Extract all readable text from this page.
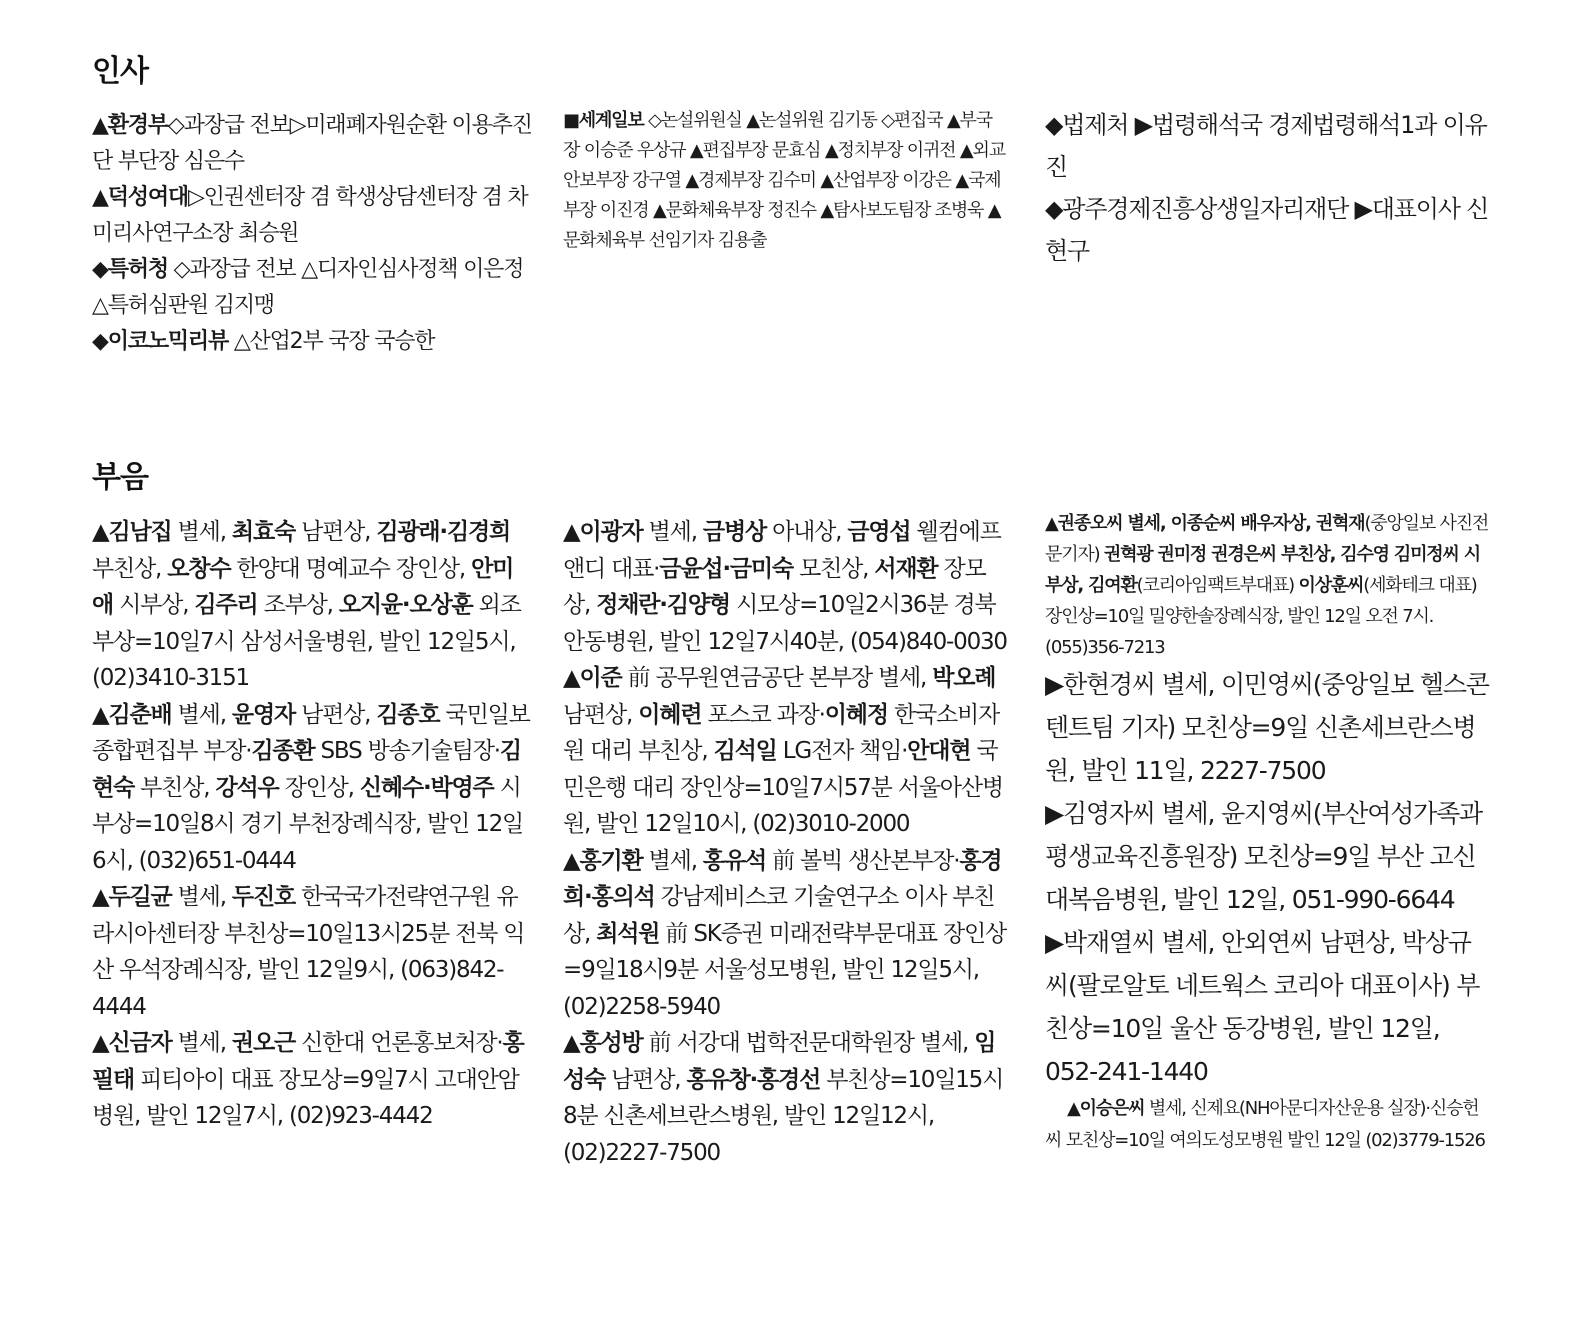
인사

▲환경부◇과장급 전보▷미래폐자원순환 이용추진단 부단장 심은수

▲덕성여대▷인권센터장 겸 학생상담센터장 겸 차미리사연구소장 최승원

◆특허청 ◇과장급 전보 △디자인심사정책 이은정 △특허심판원 김지맹

◆이코노믹리뷰 △산업2부 국장 국승한

■세계일보 ◇논설위원실 ▲논설위원 김기동 ◇편집국 ▲부국장 이승준 우상규 ▲편집부장 문효심 ▲정치부장 이귀전 ▲외교안보부장 강구열 ▲경제부장 김수미 ▲산업부장 이강은 ▲국제부장 이진경 ▲문화체육부장 정진수 ▲탐사보도팀장 조병욱 ▲문화체육부 선임기자 김용출

◆법제처 ▶법령해석국 경제법령해석1과 이유진

◆광주경제진흥상생일자리재단 ▶대표이사 신현구

부음

▲김남집 별세, 최효숙 남편상, 김광래·김경희 부친상, 오창수 한양대 명예교수 장인상, 안미애 시부상, 김주리 조부상, 오지윤·오상훈 외조부상=10일7시 삼성서울병원, 발인 12일5시, (02)3410-3151

▲김춘배 별세, 윤영자 남편상, 김종호 국민일보 종합편집부 부장·김종환 SBS 방송기술팀장·김현숙 부친상, 강석우 장인상, 신혜수·박영주 시부상=10일8시 경기 부천장례식장, 발인 12일6시, (032)651-0444

▲두길균 별세, 두진호 한국국가전략연구원 유라시아센터장 부친상=10일13시25분 전북 익산 우석장례식장, 발인 12일9시, (063)842-4444

▲신금자 별세, 권오근 신한대 언론홍보처장·홍필태 피티아이 대표 장모상=9일7시 고대안암병원, 발인 12일7시, (02)923-4442

▲이광자 별세, 금병상 아내상, 금영섭 웰컴에프앤디 대표·금윤섭·금미숙 모친상, 서재환 장모상, 정채란·김양형 시모상=10일2시36분 경북 안동병원, 발인 12일7시40분, (054)840-0030

▲이준 前 공무원연금공단 본부장 별세, 박오례 남편상, 이혜련 포스코 과장·이혜정 한국소비자원 대리 부친상, 김석일 LG전자 책임·안대현 국민은행 대리 장인상=10일7시57분 서울아산병원, 발인 12일10시, (02)3010-2000

▲홍기환 별세, 홍유석 前 볼빅 생산본부장·홍경희·홍의석 강남제비스코 기술연구소 이사 부친상, 최석원 前 SK증권 미래전략부문대표 장인상=9일18시9분 서울성모병원, 발인 12일5시, (02)2258-5940

▲홍성방 前 서강대 법학전문대학원장 별세, 임성숙 남편상, 홍유창·홍경선 부친상=10일15시8분 신촌세브란스병원, 발인 12일12시, (02)2227-7500

▲권종오씨 별세, 이종순씨 배우자상, 권혁재(중앙일보 사진전문기자) 권혁광 권미정 권경은씨 부친상, 김수영 김미정씨 시부상, 김여환(코리아임팩트부대표) 이상훈씨(세화테크 대표) 장인상=10일 밀양한솔장례식장, 발인 12일 오전 7시. (055)356-7213

▶한현경씨 별세, 이민영씨(중앙일보 헬스콘텐트팀 기자) 모친상=9일 신촌세브란스병원, 발인 11일, 2227-7500

▶김영자씨 별세, 윤지영씨(부산여성가족과 평생교육진흥원장) 모친상=9일 부산 고신대복음병원, 발인 12일, 051-990-6644

▶박재열씨 별세, 안외연씨 남편상, 박상규씨(팔로알토 네트웍스 코리아 대표이사) 부친상=10일 울산 동강병원, 발인 12일, 052-241-1440

▲이승은씨 별세, 신제요(NH아문디자산운용 실장)·신승헌씨 모친상=10일 여의도성모병원 발인 12일 (02)3779-1526
